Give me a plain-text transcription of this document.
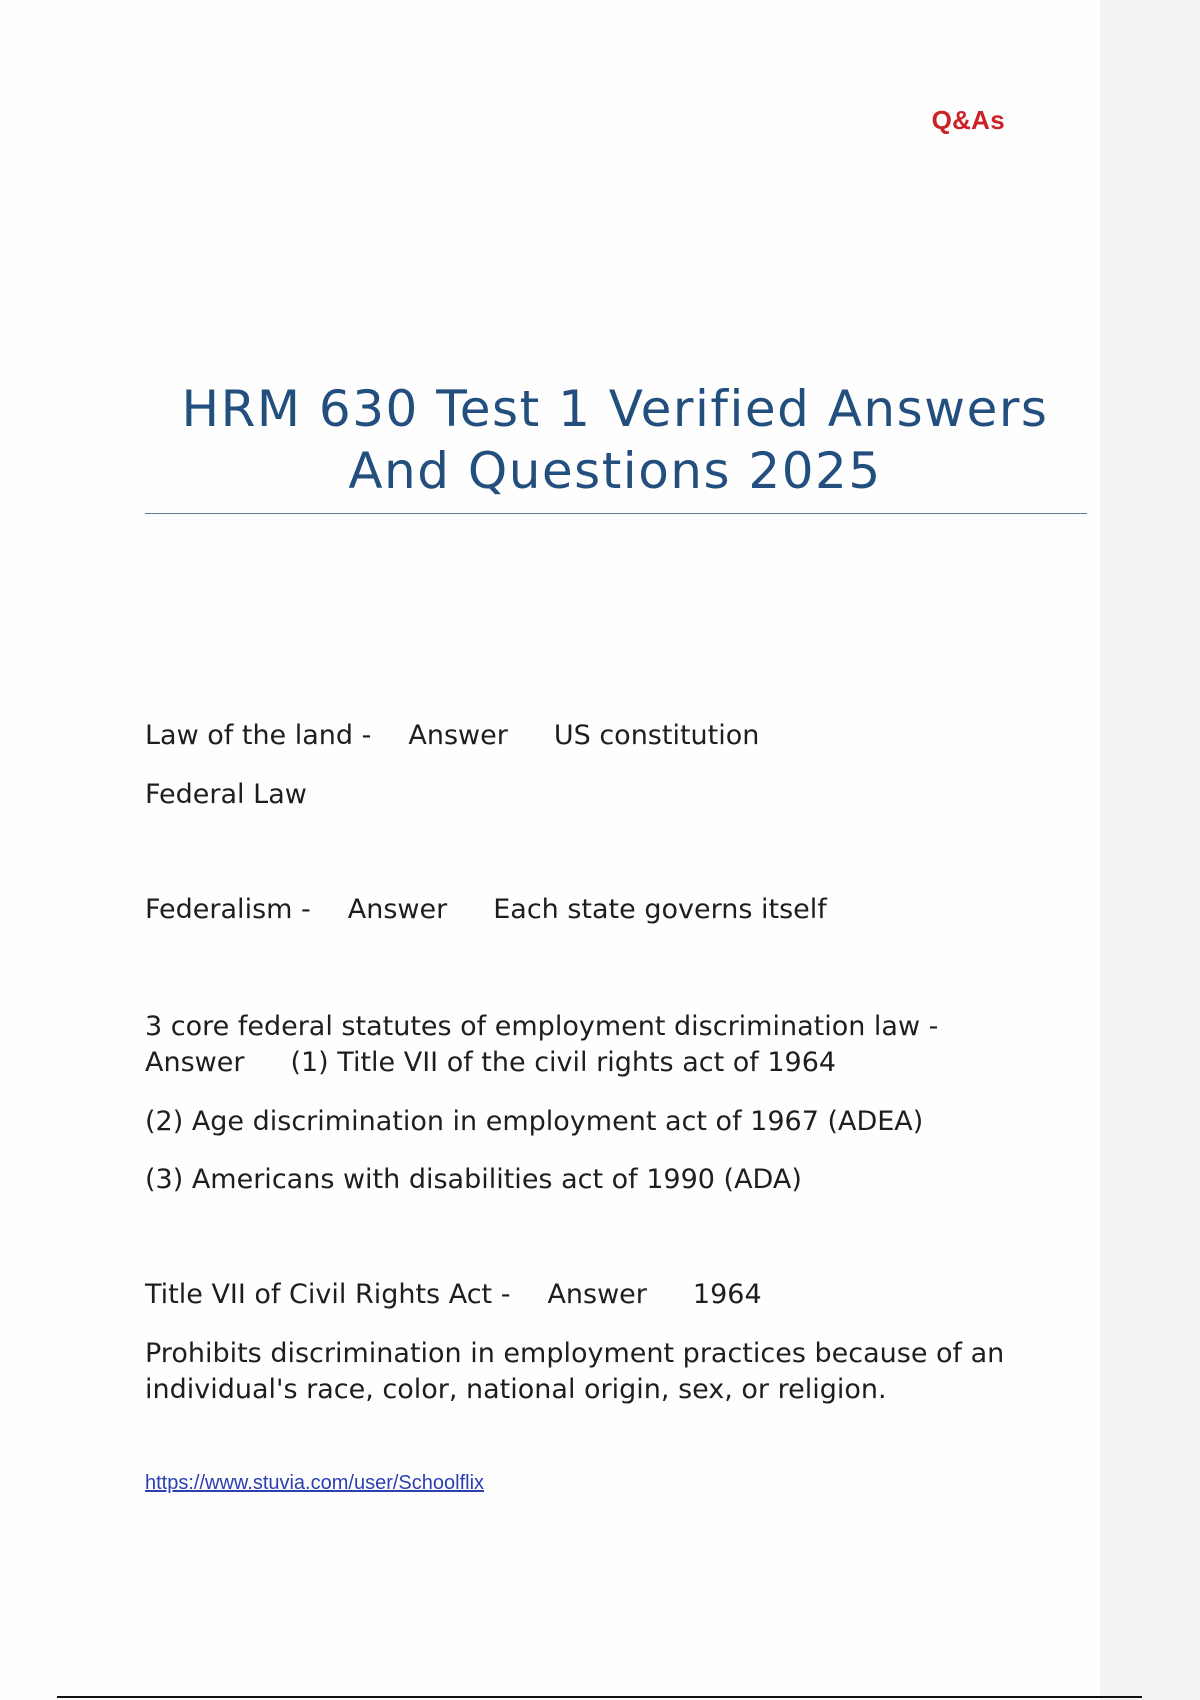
Q&As
HRM 630 Test 1 Verified Answers
And Questions 2025

Law of the land - Answer US constitution

Federal Law

Federalism - Answer Each state governs itself

3 core federal statutes of employment discrimination law -

Answer (1) Title VII of the civil rights act of 1964

(2) Age discrimination in employment act of 1967 (ADEA)

(3) Americans with disabilities act of 1990 (ADA)

Title VII of Civil Rights Act - Answer 1964

Prohibits discrimination in employment practices because of an

individual's race, color, national origin, sex, or religion.

https://www.stuvia.com/user/Schoolflix
